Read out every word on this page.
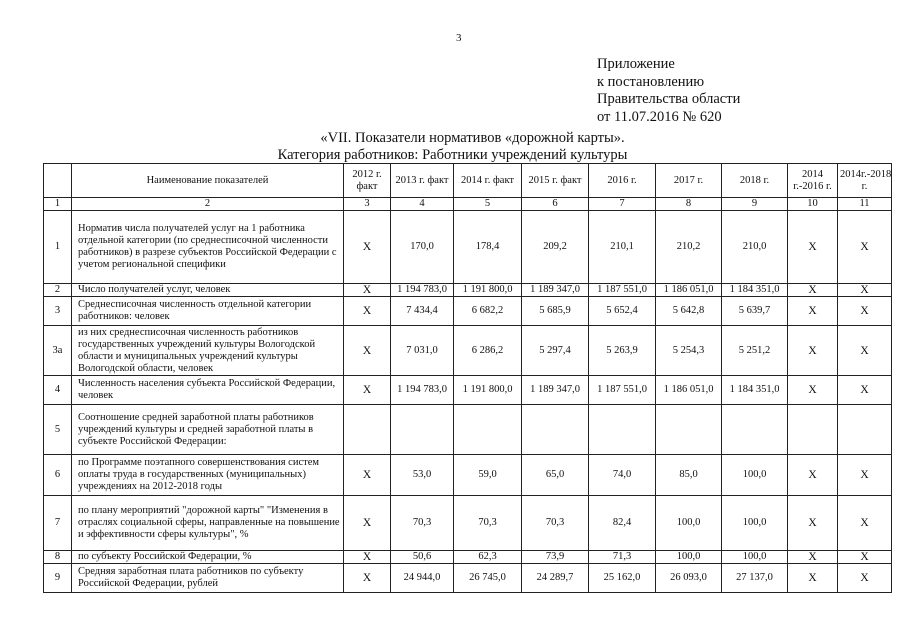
3
Приложение
к постановлению
Правительства области
от 11.07.2016 № 620
«VII. Показатели нормативов «дорожной карты».
Категория работников: Работники учреждений культуры
	Наименование показателей	2012 г. факт	2013 г. факт	2014 г. факт	2015 г. факт	2016 г.	2017 г.	2018 г.	2014 г.-2016 г.	2014г.-2018 г.
1	2	3	4	5	6	7	8	9	10	11
1	Норматив числа получателей услуг на 1 работника отдельной категории (по среднесписочной численности работников) в разрезе субъектов Российской Федерации с учетом региональной специфики	Х	170,0	178,4	209,2	210,1	210,2	210,0	Х	Х
2	Число получателей услуг, человек	Х	1 194 783,0	1 191 800,0	1 189 347,0	1 187 551,0	1 186 051,0	1 184 351,0	Х	Х
3	Среднесписочная численность отдельной категории работников: человек	Х	7 434,4	6 682,2	5 685,9	5 652,4	5 642,8	5 639,7	Х	Х
3а	из них среднесписочная численность работников государственных учреждений культуры Вологодской области и муниципальных учреждений культуры Вологодской области, человек	Х	7 031,0	6 286,2	5 297,4	5 263,9	5 254,3	5 251,2	Х	Х
4	Численность населения субъекта Российской Федерации, человек	Х	1 194 783,0	1 191 800,0	1 189 347,0	1 187 551,0	1 186 051,0	1 184 351,0	Х	Х
5	Соотношение средней заработной платы работников учреждений культуры и средней заработной платы в субъекте Российской Федерации:									
6	по Программе поэтапного совершенствования систем оплаты труда в государственных (муниципальных) учреждениях на 2012-2018 годы	Х	53,0	59,0	65,0	74,0	85,0	100,0	Х	Х
7	по плану мероприятий "дорожной карты" "Изменения в отраслях социальной сферы, направленные на повышение и эффективности сферы культуры", %	Х	70,3	70,3	70,3	82,4	100,0	100,0	Х	Х
8	по субъекту Российской Федерации, %	Х	50,6	62,3	73,9	71,3	100,0	100,0	Х	Х
9	Средняя заработная плата работников по субъекту Российской Федерации, рублей	Х	24 944,0	26 745,0	24 289,7	25 162,0	26 093,0	27 137,0	Х	Х
